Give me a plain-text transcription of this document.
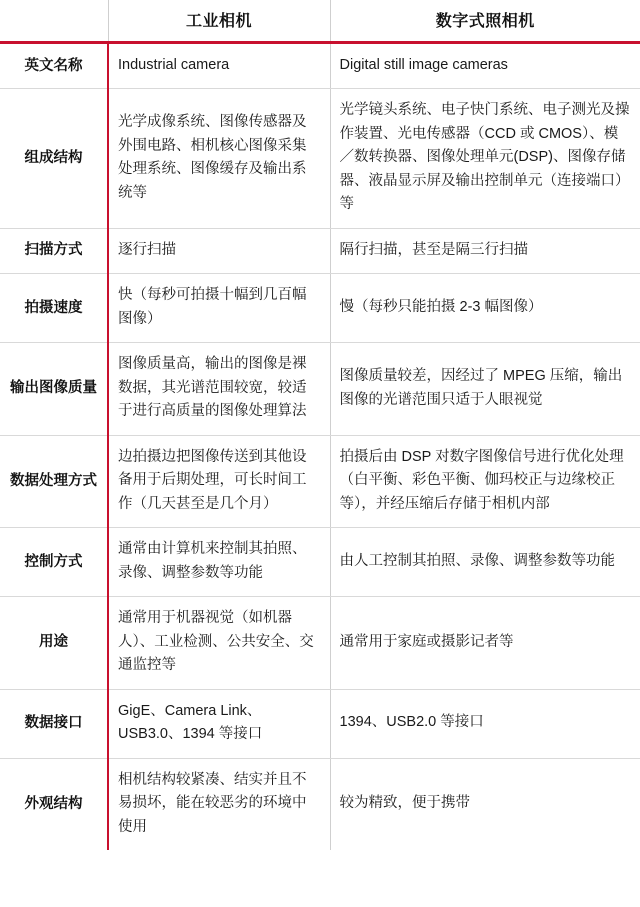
	工业相机	数字式照相机
英文名称	Industrial camera	Digital still image cameras
组成结构	光学成像系统、图像传感器及外围电路、相机核心图像采集处理系统、图像缓存及输出系统等	光学镜头系统、电子快门系统、电子测光及操作装置、光电传感器（CCD 或 CMOS）、模／数转换器、图像处理单元(DSP)、图像存储器、液晶显示屏及输出控制单元（连接端口）等
扫描方式	逐行扫描	隔行扫描，甚至是隔三行扫描
拍摄速度	快（每秒可拍摄十幅到几百幅图像）	慢（每秒只能拍摄 2-3 幅图像）
输出图像质量	图像质量高，输出的图像是裸数据，其光谱范围较宽，较适于进行高质量的图像处理算法	图像质量较差，因经过了 MPEG 压缩，输出图像的光谱范围只适于人眼视觉
数据处理方式	边拍摄边把图像传送到其他设备用于后期处理，可长时间工作（几天甚至是几个月）	拍摄后由 DSP 对数字图像信号进行优化处理（白平衡、彩色平衡、伽玛校正与边缘校正等），并经压缩后存储于相机内部
控制方式	通常由计算机来控制其拍照、录像、调整参数等功能	由人工控制其拍照、录像、调整参数等功能
用途	通常用于机器视觉（如机器人）、工业检测、公共安全、交通监控等	通常用于家庭或摄影记者等
数据接口	GigE、Camera Link、USB3.0、1394 等接口	1394、USB2.0 等接口
外观结构	相机结构较紧凑、结实并且不易损坏，能在较恶劣的环境中使用	较为精致，便于携带
